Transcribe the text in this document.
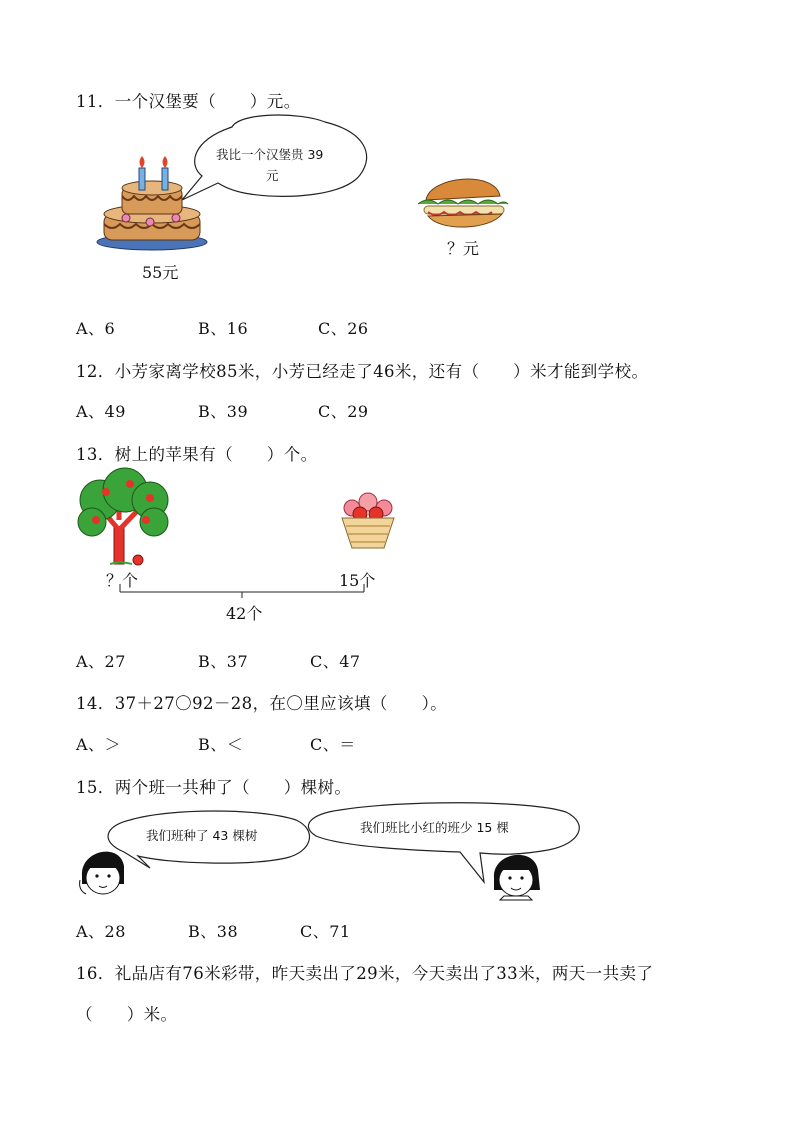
11．一个汉堡要（　　）元。
我比一个汉堡贵 39
元
55元
？元
A、6	B、16	C、26
12．小芳家离学校85米，小芳已经走了46米，还有（　　）米才能到学校。
A、49	B、39	C、29
13．树上的苹果有（　　）个。
？个	15个
42个
A、27	B、37	C、47
14．37＋27〇92－28，在〇里应该填（　　）。
A、＞	B、＜	C、＝
15．两个班一共种了（　　）棵树。
我们班种了 43 棵树
我们班比小红的班少 15 棵
A、28	B、38	C、71
16．礼品店有76米彩带，昨天卖出了29米，今天卖出了33米，两天一共卖了
（　　）米。
